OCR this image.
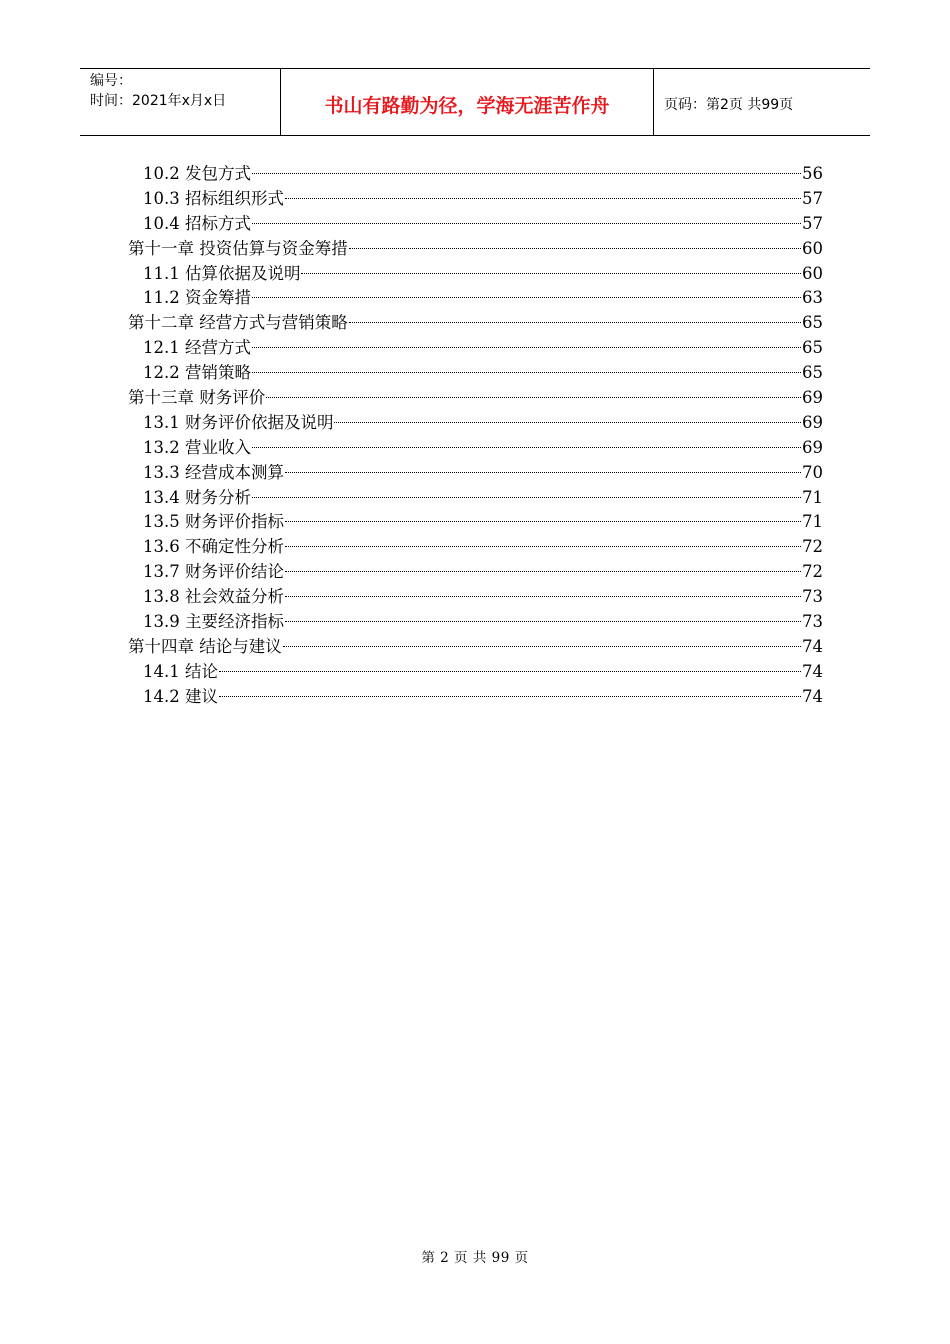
编号：
时间：2021年x月x日	书山有路勤为径，学海无涯苦作舟	页码：第2页 共99页
10.2 发包方式	56
10.3 招标组织形式	57
10.4 招标方式	57
第十一章 投资估算与资金筹措	60
11.1 估算依据及说明	60
11.2 资金筹措	63
第十二章 经营方式与营销策略	65
12.1 经营方式	65
12.2 营销策略	65
第十三章 财务评价	69
13.1 财务评价依据及说明	69
13.2 营业收入	69
13.3 经营成本测算	70
13.4 财务分析	71
13.5 财务评价指标	71
13.6 不确定性分析	72
13.7 财务评价结论	72
13.8 社会效益分析	73
13.9 主要经济指标	73
第十四章 结论与建议	74
14.1 结论	74
14.2 建议	74
第 2 页 共 99 页
